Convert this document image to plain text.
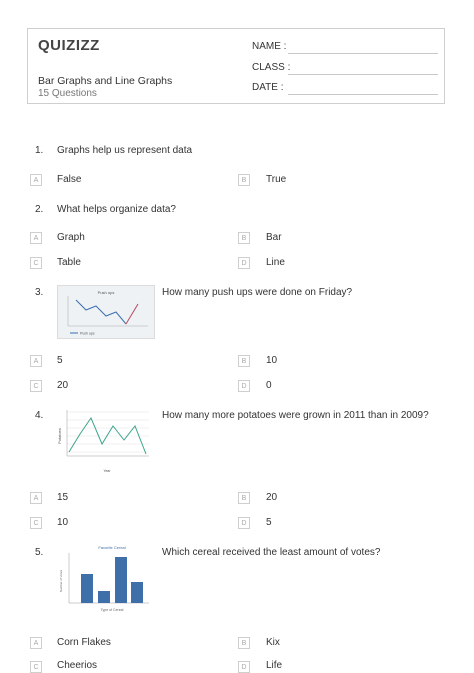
QUIZIZZ
Bar Graphs and Line Graphs
15 Questions
NAME :
CLASS :
DATE :
1. Graphs help us represent data
A	False	B	True
2. What helps organize data?
A	Graph	B	Bar
C	Table	D	Line
3.	Push ups
Push ups
How many push ups were done on Friday?
A	5	B	10
C	20	D	0
4.
Potatoes
Year
How many more potatoes were grown in 2011 than in 2009?
A	15	B	20
C	10	D	5
5.	Favorite Cereal
Number of Votes
Type of Cereal
Which cereal received the least amount of votes?
A	Corn Flakes	B	Kix
C	Cheerios	D	Life
